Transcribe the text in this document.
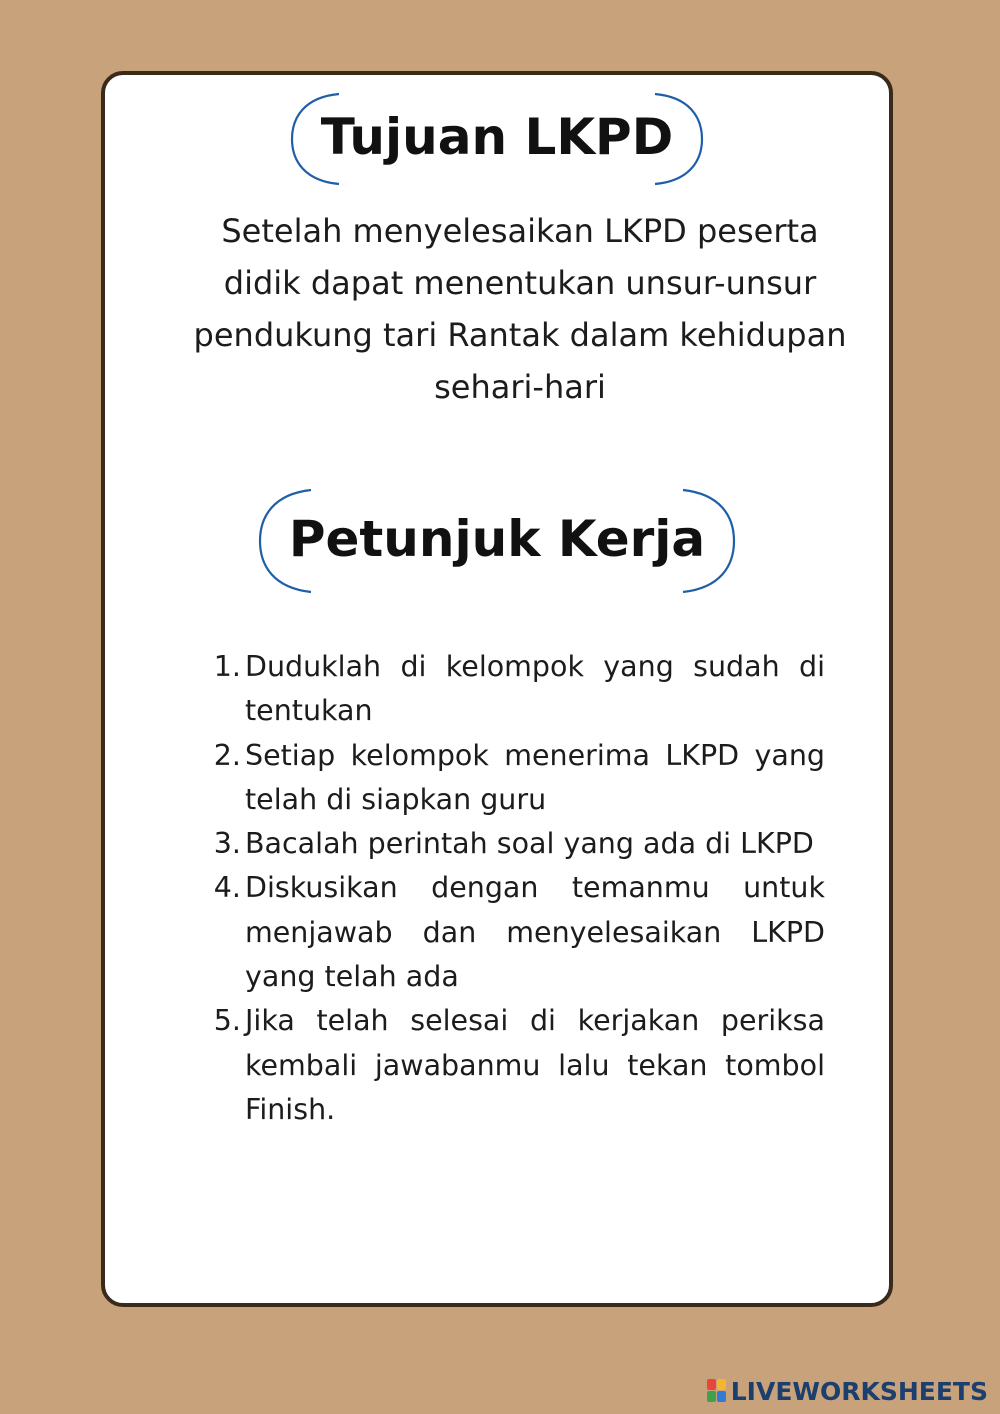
Tujuan LKPD

Setelah menyelesaikan LKPD peserta didik dapat menentukan unsur-unsur pendukung tari Rantak dalam kehidupan sehari-hari

Petunjuk Kerja
1. Duduklah di kelompok yang sudah di tentukan
2. Setiap kelompok menerima LKPD yang telah di siapkan guru
3. Bacalah perintah soal yang ada di LKPD
4. Diskusikan dengan temanmu untuk menjawab dan menyelesaikan LKPD yang telah ada
5. Jika telah selesai di kerjakan periksa kembali jawabanmu lalu tekan tombol Finish.
LIVEWORKSHEETS
